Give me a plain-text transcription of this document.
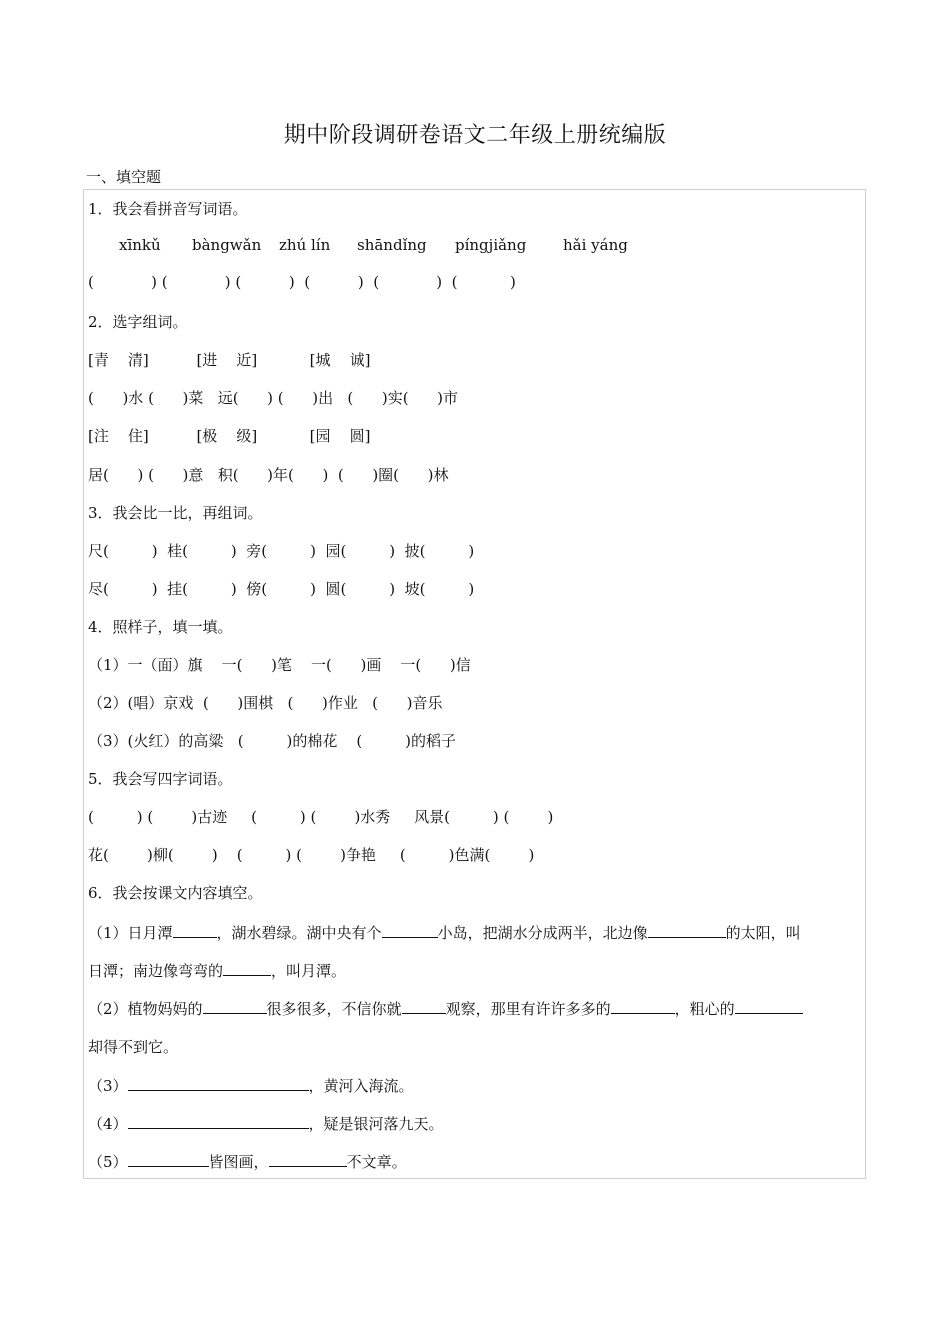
期中阶段调研卷语文二年级上册统编版
一、填空题
1．我会看拼音写词语。
xīnkǔ bàngwǎn zhú lín shāndǐng píngjiǎng hǎi yáng
(            ) (            ) (          )  (          )  (            )  (           )
2．选字组词。
[青    清]          [进    近]           [城    诚]
(      )水 (      )菜   远(      ) (      )出   (      )实(      )市
[注    住]          [极    级]           [园    圆]
居(      ) (      )意   积(      )年(      )  (      )圈(      )林
3．我会比一比，再组词。
尺(         )  桂(         )  旁(         )  园(         )  披(         )
尽(         )  挂(         )  傍(         )  圆(         )  坡(         )
4．照样子，填一填。
（1）一（面）旗    一(      )笔    一(      )画    一(      )信
（2）(唱）京戏  (      )围棋   (      )作业   (      )音乐
（3）(火红）的高粱   (         )的棉花    (         )的稻子
5．我会写四字词语。
(         ) (        )古迹     (         ) (        )水秀     风景(         ) (        )
花(        )柳(        )    (         ) (        )争艳     (         )色满(        )
6．我会按课文内容填空。
（1）日月潭	，湖水碧绿。湖中央有个	小岛，把湖水分成两半，北边像	的太阳，叫
日潭；南边像弯弯的	，叫月潭。
（2）植物妈妈的	很多很多，不信你就	观察，那里有许许多多的	，粗心的
却得不到它。
（3）	，黄河入海流。
（4）	，疑是银河落九天。
（5）	皆图画，	不文章。
